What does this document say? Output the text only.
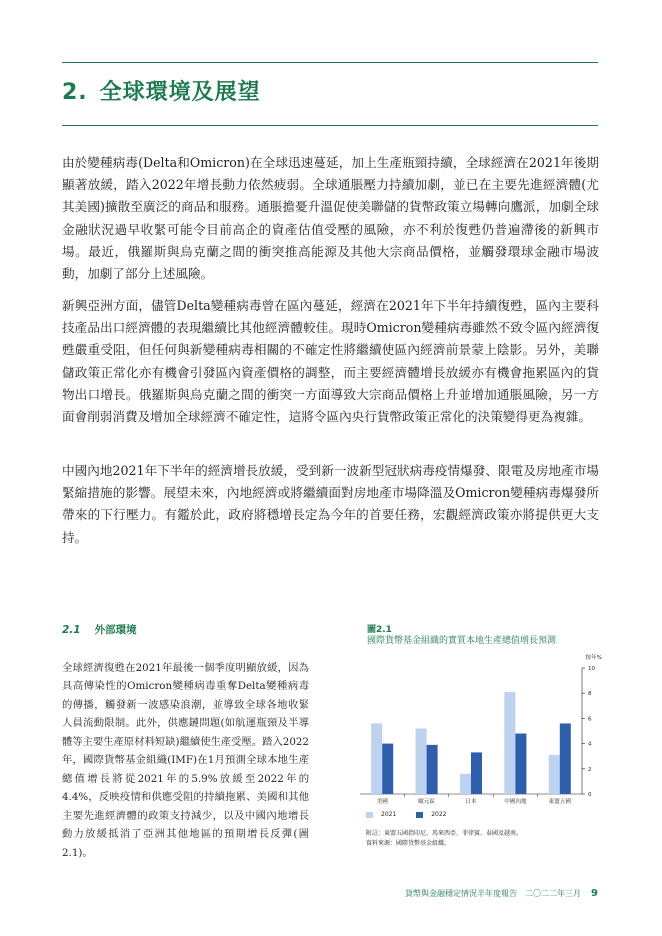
2. 全球環境及展望

由於變種病毒(Delta和Omicron)在全球迅速蔓延，加上生產瓶頸持續，全球經濟在2021年後期顯著放緩，踏入2022年增長動力依然疲弱。全球通脹壓力持續加劇，並已在主要先進經濟體(尤其美國)擴散至廣泛的商品和服務。通脹擔憂升溫促使美聯儲的貨幣政策立場轉向鷹派，加劇全球金融狀況過早收緊可能令目前高企的資產估值受壓的風險，亦不利於復甦仍普遍滯後的新興市場。最近，俄羅斯與烏克蘭之間的衝突推高能源及其他大宗商品價格，並觸發環球金融市場波動，加劇了部分上述風險。

新興亞洲方面，儘管Delta變種病毒曾在區內蔓延，經濟在2021年下半年持續復甦，區內主要科技產品出口經濟體的表現繼續比其他經濟體較佳。現時Omicron變種病毒雖然不致令區內經濟復甦嚴重受阻，但任何與新變種病毒相關的不確定性將繼續使區內經濟前景蒙上陰影。另外，美聯儲政策正常化亦有機會引發區內資產價格的調整，而主要經濟體增長放緩亦有機會拖累區內的貨物出口增長。俄羅斯與烏克蘭之間的衝突一方面導致大宗商品價格上升並增加通脹風險，另一方面會削弱消費及增加全球經濟不確定性，這將令區內央行貨幣政策正常化的決策變得更為複雜。

中國內地2021年下半年的經濟增長放緩，受到新一波新型冠狀病毒疫情爆發、限電及房地產市場緊縮措施的影響。展望未來，內地經濟或將繼續面對房地產市場降溫及Omicron變種病毒爆發所帶來的下行壓力。有鑑於此，政府將穩增長定為今年的首要任務，宏觀經濟政策亦將提供更大支持。

2.1 外部環境

全球經濟復甦在2021年最後一個季度明顯放緩，因為具高傳染性的Omicron變種病毒重奪Delta變種病毒的傳播，觸發新一波感染浪潮，並導致全球各地收緊人員流動限制。此外，供應鏈問題(如航運瓶頸及半導體等主要生產原材料短缺)繼續使生產受壓。踏入2022年，國際貨幣基金組織(IMF)在1月預測全球本地生產總值增長將從2021年的5.9%放緩至2022年的4.4%，反映疫情和供應受阻的持續拖累、美國和其他主要先進經濟體的政策支持減少，以及中國內地增長動力放緩抵消了亞洲其他地區的預期增長反彈(圖2.1)。

圖2.1
國際貨幣基金組織的實質本地生產總值增長預測
按年%
0
2
4
6
8
10
美國	歐元區	日本	中國內地	東盟五國
2021	2022
附註：東盟五國指印尼、馬來西亞、菲律賓、泰國及越南。
資料來源：國際貨幣基金組織。
貨幣與金融穩定情況半年度報告　二〇二二年三月 9
